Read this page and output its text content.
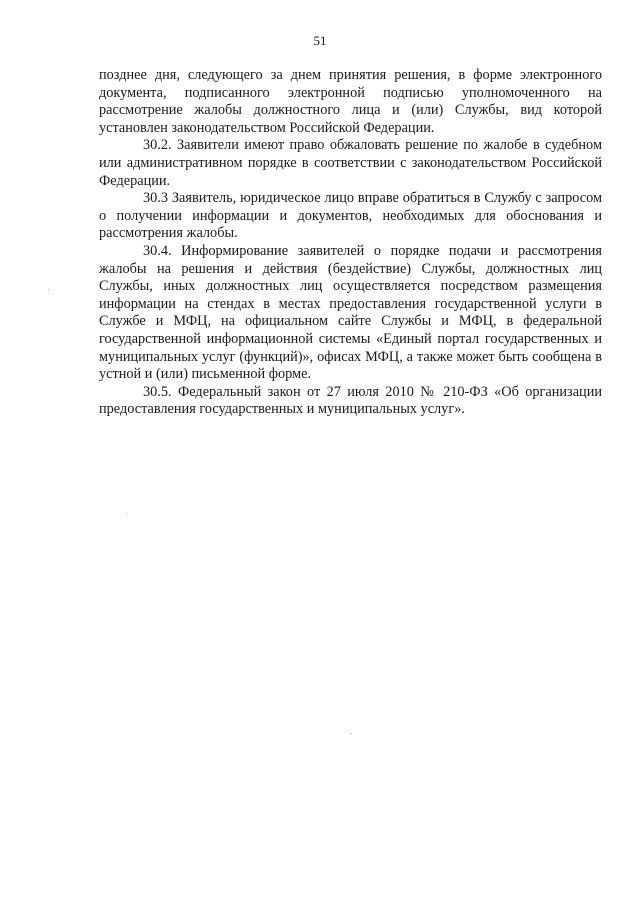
51

позднее дня, следующего за днем принятия решения, в форме электронного документа, подписанного электронной подписью уполномоченного на рассмотрение жалобы должностного лица и (или) Службы, вид которой установлен законодательством Российской Федерации.

30.2. Заявители имеют право обжаловать решение по жалобе в судебном или административном порядке в соответствии с законодательством Российской Федерации.

30.3 Заявитель, юридическое лицо вправе обратиться в Службу с запросом о получении информации и документов, необходимых для обоснования и рассмотрения жалобы.

30.4. Информирование заявителей о порядке подачи и рассмотрения жалобы на решения и действия (бездействие) Службы, должностных лиц Службы, иных должностных лиц осуществляется посредством размещения информации на стендах в местах предоставления государственной услуги в Службе и МФЦ, на официальном сайте Службы и МФЦ, в федеральной государственной информационной системы «Единый портал государственных и муниципальных услуг (функций)», офисах МФЦ, а также может быть сообщена в устной и (или) письменной форме.

30.5. Федеральный закон от 27 июля 2010 № 210-ФЗ «Об организации предоставления государственных и муниципальных услуг».
